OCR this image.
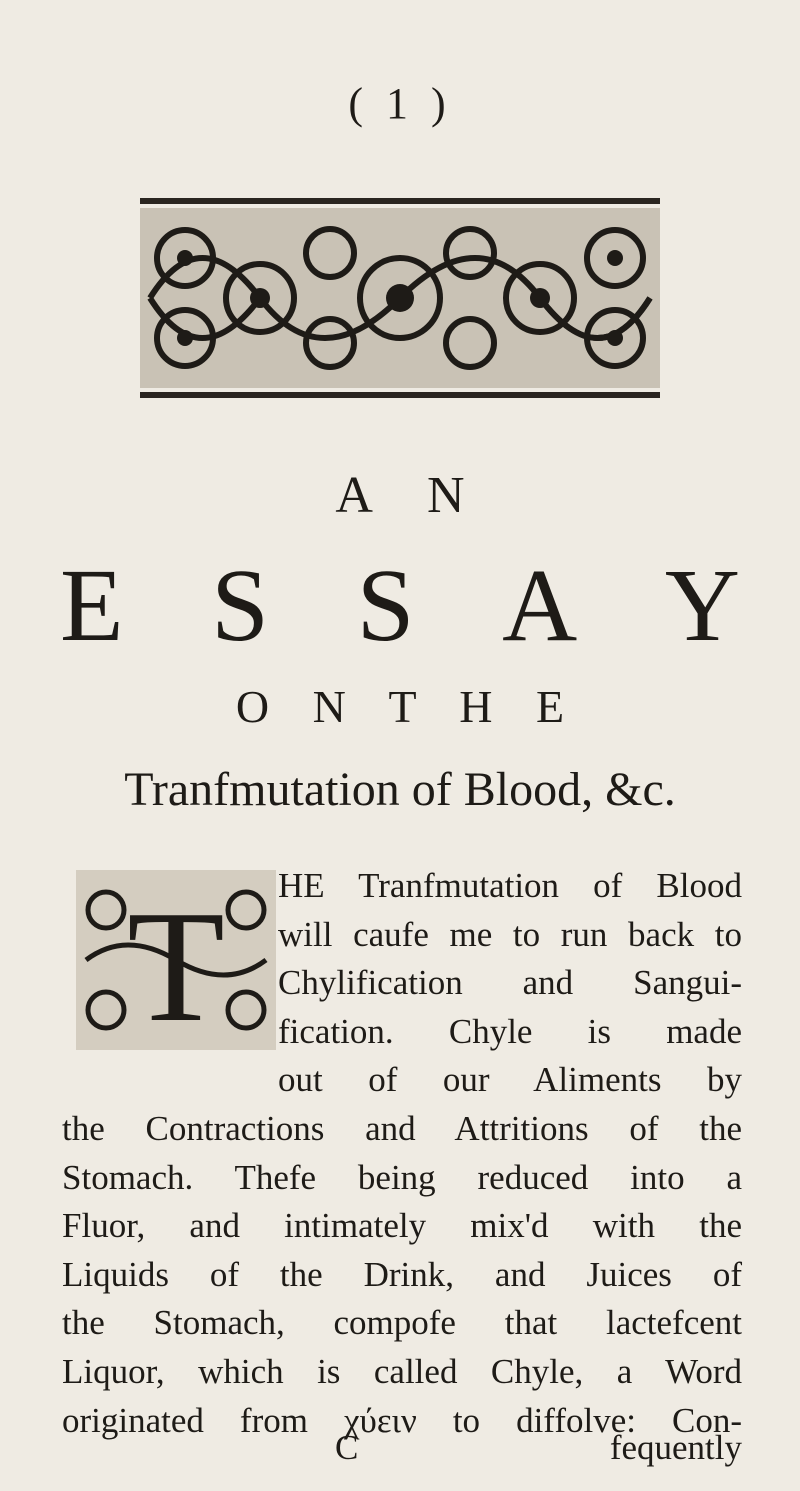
( 1 )
A N
E S S A Y
O N T H E
Tranfmutation of Blood, &c.
T	HE Tranfmutation of Blood
will caufe me to run back to
Chylification and Sangui-
fication. Chyle is made
out of our Aliments by
the Contractions and Attritions of the
Stomach. Thefe being reduced into a
Fluor, and intimately mix'd with the
Liquids of the Drink, and Juices of
the Stomach, compofe that lactefcent
Liquor, which is called Chyle, a Word
originated from χύειν to diffolve: Con-
C	fequently
